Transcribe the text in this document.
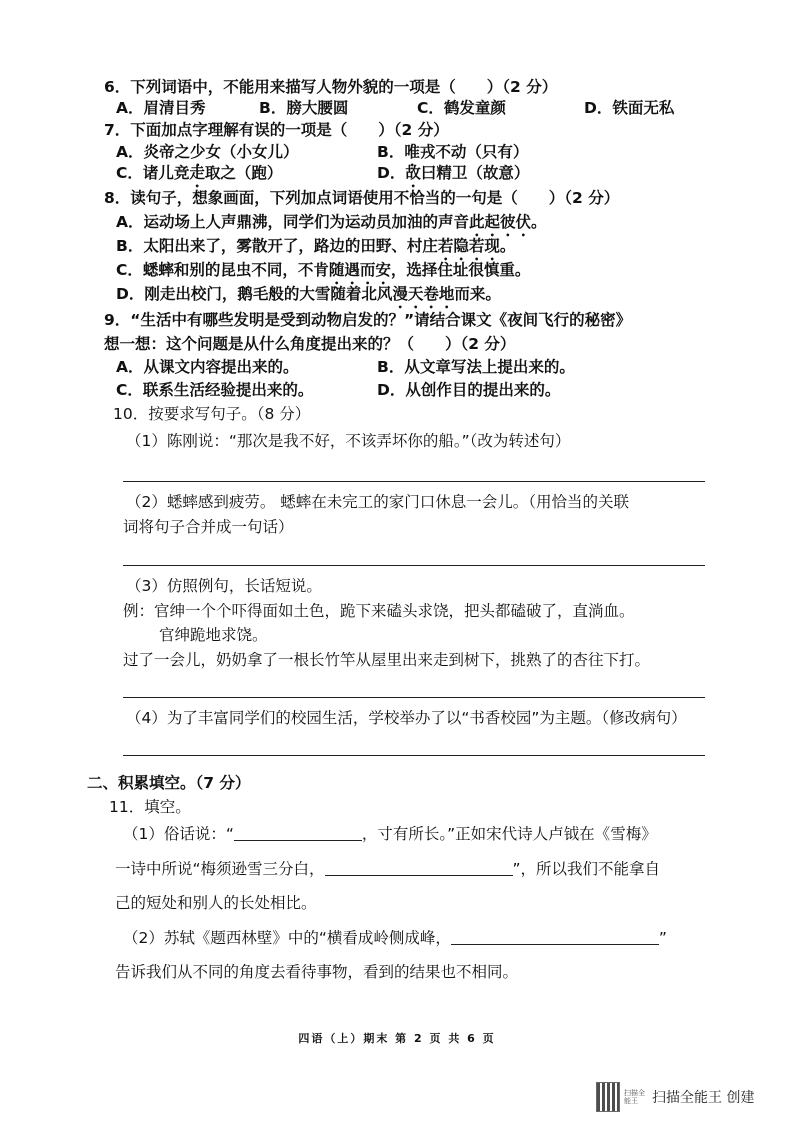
6．下列词语中，不能用来描写人物外貌的一项是（　　）（2 分）
A．眉清目秀	B．膀大腰圆	C．鹤发童颜	D．铁面无私
7．下面加点字理解有误的一项是（　　）（2 分）
A．炎帝之少女（小女儿）	B．唯戎不动（只有）
C．诸儿竞走取之（跑）	D．故曰精卫（故意）
8．读句子，想象画面，下列加点词语使用不恰当的一句是（　　）（2 分）
A．运动场上人声鼎沸，同学们为运动员加油的声音此起彼伏。
B．太阳出来了，雾散开了，路边的田野、村庄若隐若现。
C．蟋蟀和别的昆虫不同，不肯随遇而安，选择住址很慎重。
D．刚走出校门，鹅毛般的大雪随着北风漫天卷地而来。
9．“生活中有哪些发明是受到动物启发的？”请结合课文《夜间飞行的秘密》
想一想：这个问题是从什么角度提出来的？（　　）（2 分）
A．从课文内容提出来的。	B．从文章写法上提出来的。
C．联系生活经验提出来的。	D．从创作目的提出来的。
10．按要求写句子。（8 分）
（1）陈刚说：“那次是我不好，不该弄坏你的船。”（改为转述句）
（2）蟋蟀感到疲劳。 蟋蟀在未完工的家门口休息一会儿。（用恰当的关联
词将句子合并成一句话）
（3）仿照例句，长话短说。
例：官绅一个个吓得面如土色，跪下来磕头求饶，把头都磕破了，直淌血。
官绅跪地求饶。
过了一会儿，奶奶拿了一根长竹竿从屋里出来走到树下，挑熟了的杏往下打。
（4）为了丰富同学们的校园生活，学校举办了以“书香校园”为主题。（修改病句）
二、积累填空。（7 分）
11．填空。
（1）俗话说：“	，寸有所长。”正如宋代诗人卢钺在《雪梅》
一诗中所说“梅须逊雪三分白，	”，所以我们不能拿自
己的短处和别人的长处相比。
（2）苏轼《题西林壁》中的“横看成岭侧成峰，	”
告诉我们从不同的角度去看待事物，看到的结果也不相同。
四语（上）期末 第 2 页 共 6 页
扫描全能王	扫描全能王 创建
